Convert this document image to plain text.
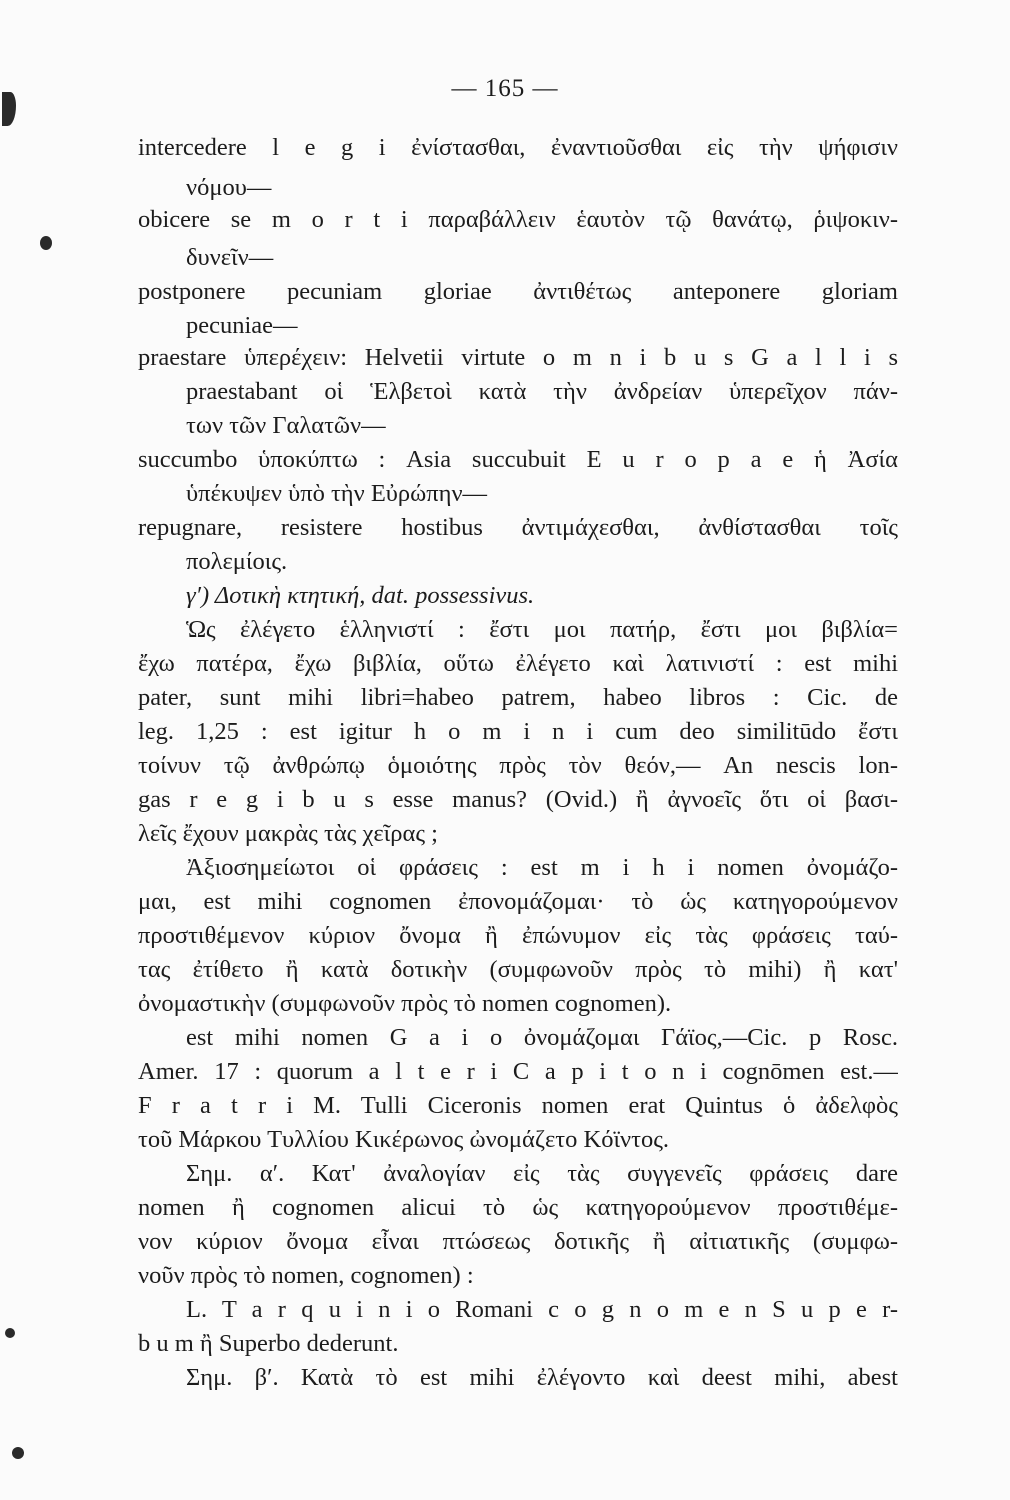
— 165 —
intercedere l e g i ἐνίστασθαι, ἐναντιοῦσθαι εἰς τὴν ψήφισιν
νόμου—
obicere se m o r t i παραβάλλειν ἑαυτὸν τῷ θανάτῳ, ῥιψοκιν-
δυνεῖν—
postponere pecuniam gloriae ἀντιθέτως anteponere gloriam
pecuniae—
praestare ὑπερέχειν: Helvetii virtute o m n i b u s G a l l i s
praestabant οἱ Ἑλβετοὶ κατὰ τὴν ἀνδρείαν ὑπερεῖχον πάν-
των τῶν Γαλατῶν—
succumbo ὑποκύπτω : Asia succubuit E u r o p a e ἡ Ἀσία
ὑπέκυψεν ὑπὸ τὴν Εὐρώπην—
repugnare, resistere hostibus ἀντιμάχεσθαι, ἀνθίστασθαι τοῖς
πολεμίοις.
γ′) Δοτικὴ κτητική, dat. possessivus.
Ὡς ἐλέγετο ἑλληνιστί : ἔστι μοι πατήρ, ἔστι μοι βιβλία=
ἔχω πατέρα, ἔχω βιβλία, οὕτω ἐλέγετο καὶ λατινιστί : est mihi
pater, sunt mihi libri=habeo patrem, habeo libros : Cic. de
leg. 1,25 : est igitur h o m i n i cum deo similitūdo ἔστι
τοίνυν τῷ ἀνθρώπῳ ὁμοιότης πρὸς τὸν θεόν,— An nescis lon-
gas r e g i b u s esse manus? (Ovid.) ἢ ἀγνοεῖς ὅτι οἱ βασι-
λεῖς ἔχουν μακρὰς τὰς χεῖρας ;
Ἀξιοσημείωτοι οἱ φράσεις : est m i h i nomen ὀνομάζο-
μαι, est mihi cognomen ἐπονομάζομαι· τὸ ὡς κατηγορούμενον
προστιθέμενον κύριον ὄνομα ἢ ἐπώνυμον εἰς τὰς φράσεις ταύ-
τας ἐτίθετο ἢ κατὰ δοτικὴν (συμφωνοῦν πρὸς τὸ mihi) ἢ κατ'
ὀνομαστικὴν (συμφωνοῦν πρὸς τὸ nomen cognomen).
est mihi nomen G a i o ὀνομάζομαι Γάϊος,—Cic. p Rosc.
Amer. 17 : quorum a l t e r i C a p i t o n i cognōmen est.—
F r a t r i M. Tulli Ciceronis nomen erat Quintus ὁ ἀδελφὸς
τοῦ Μάρκου Τυλλίου Κικέρωνος ὠνομάζετο Κόϊντος.
Σημ. α′. Κατ' ἀναλογίαν εἰς τὰς συγγενεῖς φράσεις dare
nomen ἢ cognomen alicui τὸ ὡς κατηγορούμενον προστιθέμε-
νον κύριον ὄνομα εἶναι πτώσεως δοτικῆς ἢ αἰτιατικῆς (συμφω-
νοῦν πρὸς τὸ nomen, cognomen) :
L. T a r q u i n i o Romani c o g n o m e n S u p e r-
b u m ἢ Superbo dederunt.
Σημ. β′. Κατὰ τὸ est mihi ἐλέγοντο καὶ deest mihi, abest
